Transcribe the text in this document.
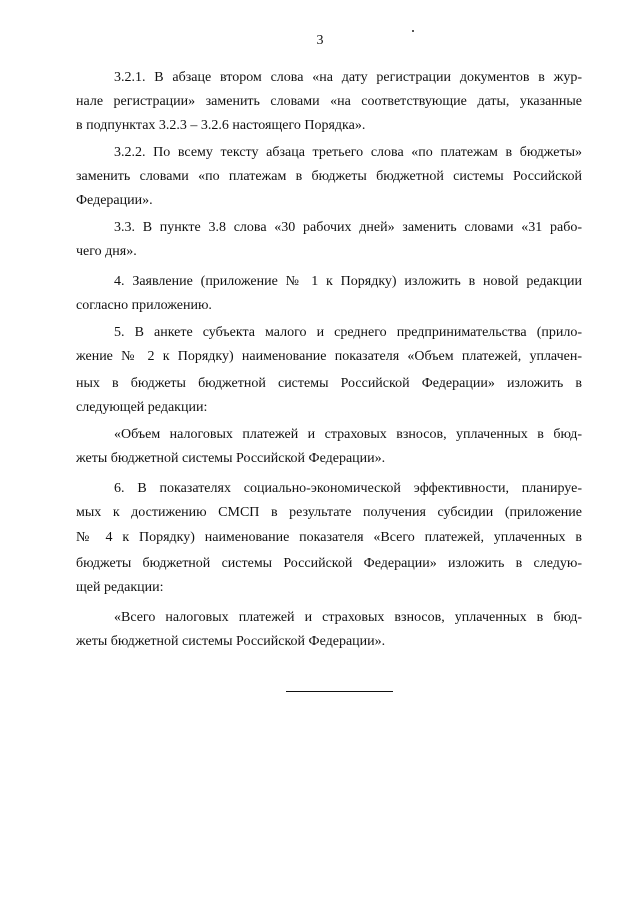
3
3.2.1. В абзаце втором слова «на дату регистрации документов в жур-
нале регистрации» заменить словами «на соответствующие даты, указанные
в подпунктах 3.2.3 – 3.2.6 настоящего Порядка».
3.2.2. По всему тексту абзаца третьего слова «по платежам в бюджеты»
заменить словами «по платежам в бюджеты бюджетной системы Российской
Федерации».
3.3. В пункте 3.8 слова «30 рабочих дней» заменить словами «31 рабо-
чего дня».
4. Заявление (приложение № 1 к Порядку) изложить в новой редакции
согласно приложению.
5. В анкете субъекта малого и среднего предпринимательства (прило-
жение № 2 к Порядку) наименование показателя «Объем платежей, уплачен-
ных в бюджеты бюджетной системы Российской Федерации» изложить в
следующей редакции:
«Объем налоговых платежей и страховых взносов, уплаченных в бюд-
жеты бюджетной системы Российской Федерации».
6. В показателях социально-экономической эффективности, планируе-
мых к достижению СМСП в результате получения субсидии (приложение
№ 4 к Порядку) наименование показателя «Всего платежей, уплаченных в
бюджеты бюджетной системы Российской Федерации» изложить в следую-
щей редакции:
«Всего налоговых платежей и страховых взносов, уплаченных в бюд-
жеты бюджетной системы Российской Федерации».
